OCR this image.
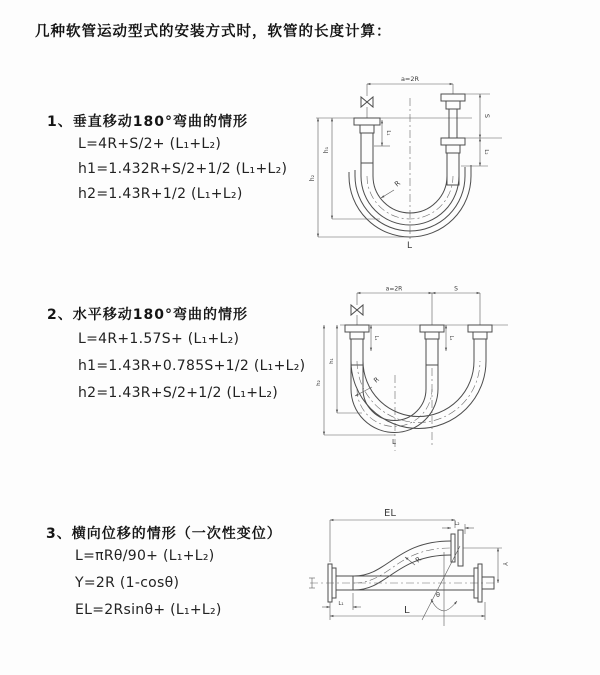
几种软管运动型式的安装方式时，软管的长度计算：
1、垂直移动180°弯曲的情形
L=4R+S/2+ (L₁+L₂)
h1=1.432R+S/2+1/2 (L₁+L₂)
h2=1.43R+1/2 (L₁+L₂)
2、水平移动180°弯曲的情形
L=4R+1.57S+ (L₁+L₂)
h1=1.43R+0.785S+1/2 (L₁+L₂)
h2=1.43R+S/2+1/2 (L₁+L₂)
3、横向位移的情形（一次性变位）
L=πRθ/90+ (L₁+L₂)
Y=2R (1-cosθ)
EL=2Rsinθ+ (L₁+L₂)
a=2R
L₁
S
L₂
R
h₁
h₂
L
a=2R	S
L₁	L₂
R
h₁
h₂
L
EL
L₂
Y
θ
R
L₁
L
